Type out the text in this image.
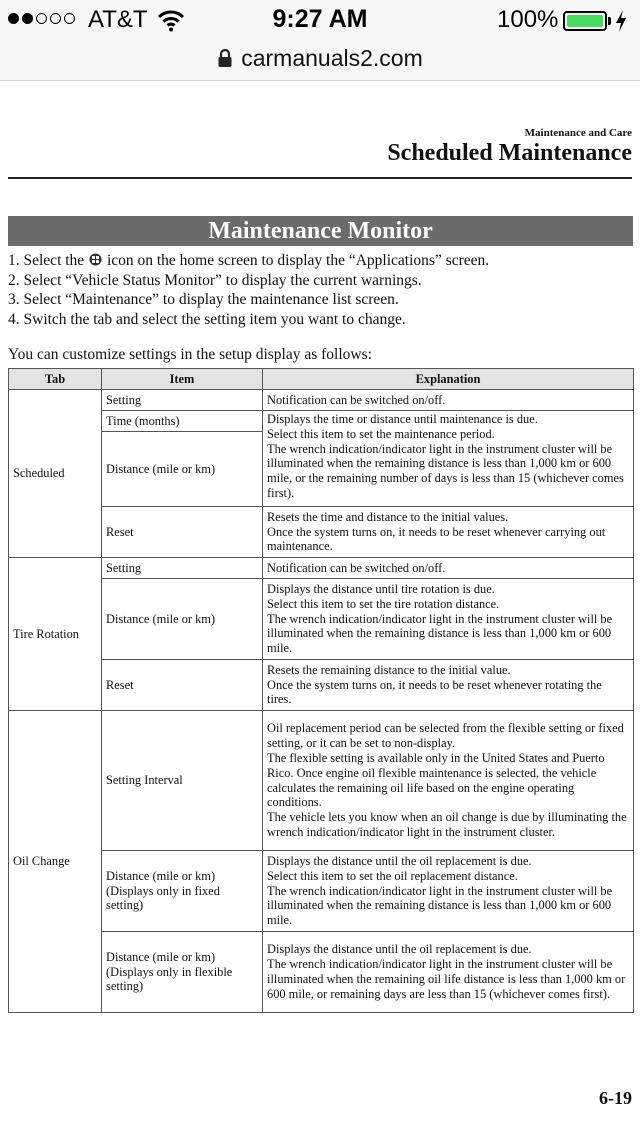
AT&T	9:27 AM	100%
carmanuals2.com
Maintenance and Care
Scheduled Maintenance
Maintenance Monitor
1. Select the  icon on the home screen to display the “Applications” screen.
2. Select “Vehicle Status Monitor” to display the current warnings.
3. Select “Maintenance” to display the maintenance list screen.
4. Switch the tab and select the setting item you want to change.
You can customize settings in the setup display as follows:
Tab	Item	Explanation
Scheduled	Setting	Notification can be switched on/off.
	Time (months)	Displays the time or distance until maintenance is due.
Select this item to set the maintenance period.
The wrench indication/indicator light in the instrument cluster will be illuminated when the remaining distance is less than 1,000 km or 600 mile, or the remaining number of days is less than 15 (whichever comes first).
	Distance (mile or km)	
	Reset	Resets the time and distance to the initial values.
Once the system turns on, it needs to be reset whenever carrying out maintenance.
Tire Rotation	Setting	Notification can be switched on/off.
	Distance (mile or km)	Displays the distance until tire rotation is due.
Select this item to set the tire rotation distance.
The wrench indication/indicator light in the instrument cluster will be illuminated when the remaining distance is less than 1,000 km or 600 mile.
	Reset	Resets the remaining distance to the initial value.
Once the system turns on, it needs to be reset whenever rotating the tires.
Oil Change	Setting Interval	Oil replacement period can be selected from the flexible setting or fixed setting, or it can be set to non-display.
The flexible setting is available only in the United States and Puerto Rico. Once engine oil flexible maintenance is selected, the vehicle calculates the remaining oil life based on the engine operating conditions.
The vehicle lets you know when an oil change is due by illuminating the wrench indication/indicator light in the instrument cluster.
	Distance (mile or km)
(Displays only in fixed setting)	Displays the distance until the oil replacement is due.
Select this item to set the oil replacement distance.
The wrench indication/indicator light in the instrument cluster will be illuminated when the remaining distance is less than 1,000 km or 600 mile.
	Distance (mile or km)
(Displays only in flexible setting)	Displays the distance until the oil replacement is due.
The wrench indication/indicator light in the instrument cluster will be illuminated when the remaining oil life distance is less than 1,000 km or 600 mile, or remaining days are less than 15 (whichever comes first).
6-19
